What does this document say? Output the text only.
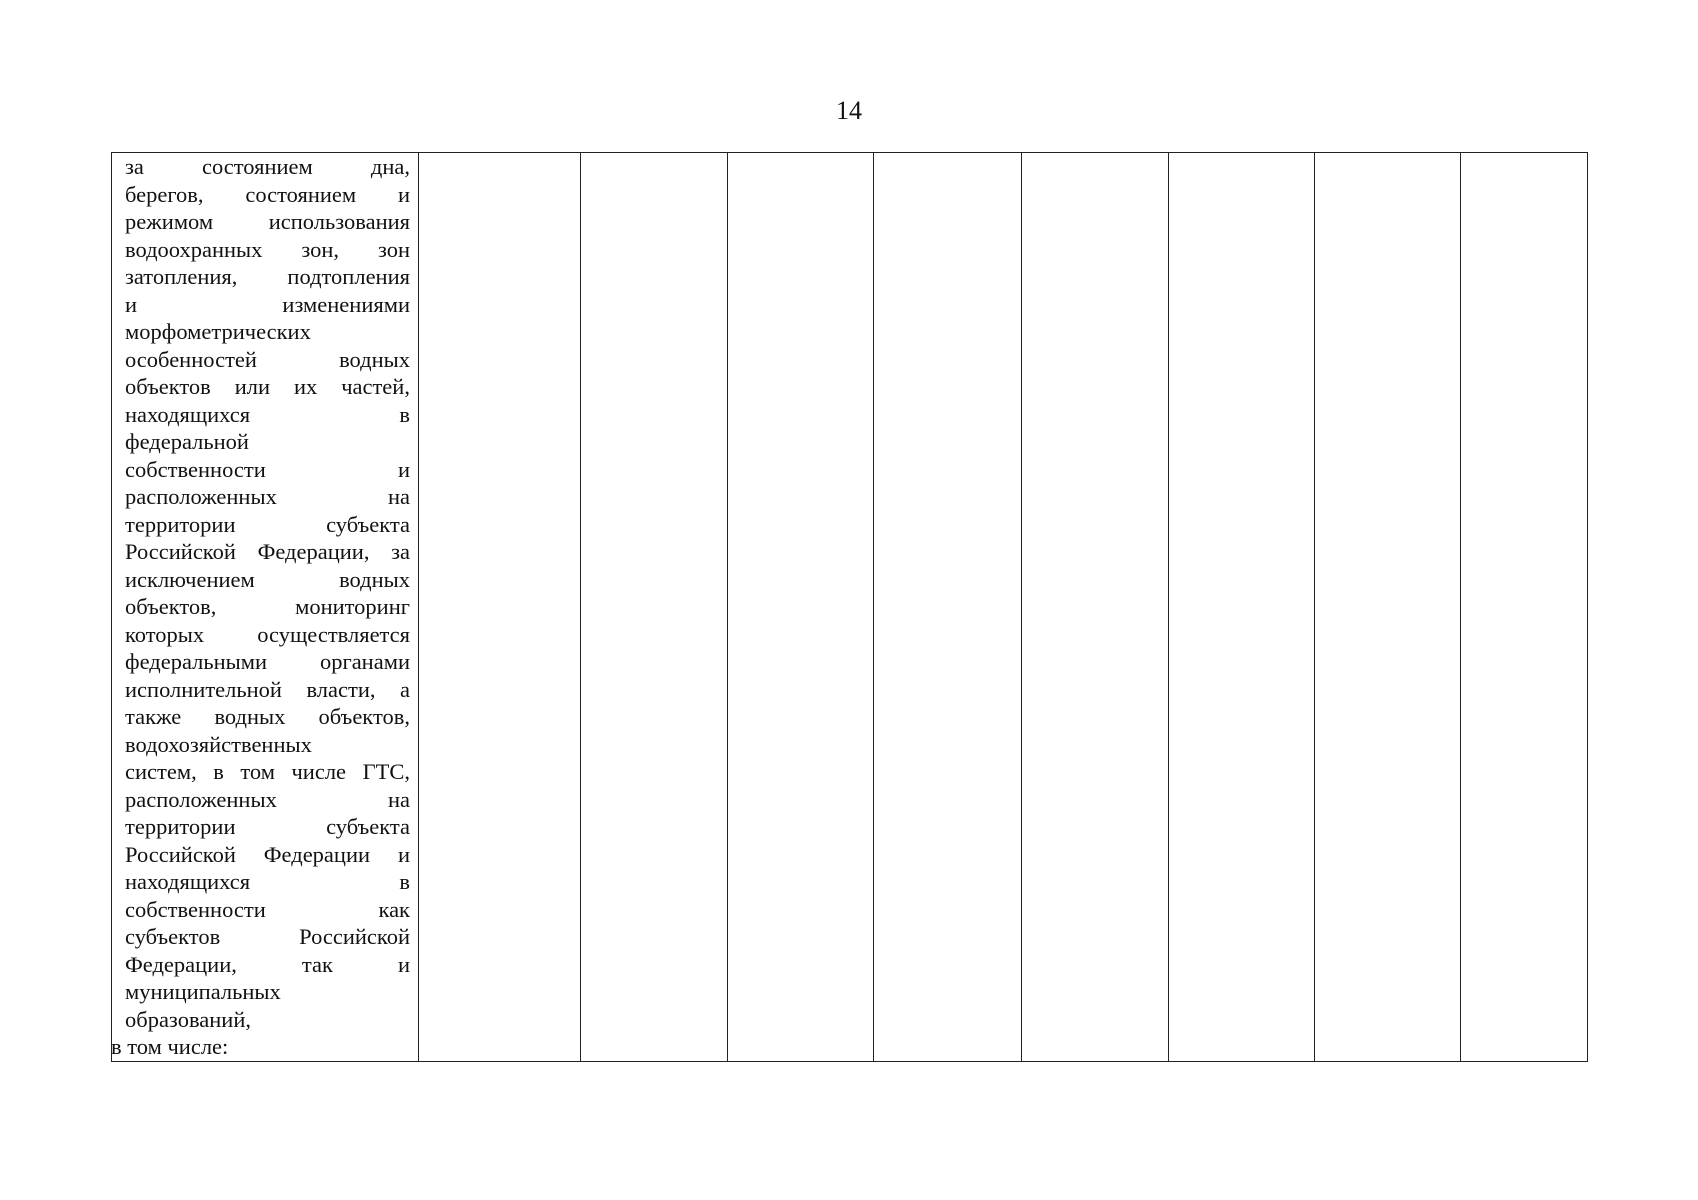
14
за	состоянием	дна,
берегов, состоянием и
режимом использования
водоохранных зон, зон
затопления, подтопления
и	изменениями
морфометрических
особенностей	водных
объектов или их частей,
находящихся	в
федеральной
собственности	и
расположенных	на
территории	субъекта
Российской Федерации, за
исключением	водных
объектов,	мониторинг
которых осуществляется
федеральными органами
исполнительной власти, а
также водных объектов,
водохозяйственных
систем, в том числе ГТС,
расположенных	на
территории	субъекта
Российской Федерации и
находящихся	в
собственности	как
субъектов	Российской
Федерации,	так	и
муниципальных
образований,
в том числе:
